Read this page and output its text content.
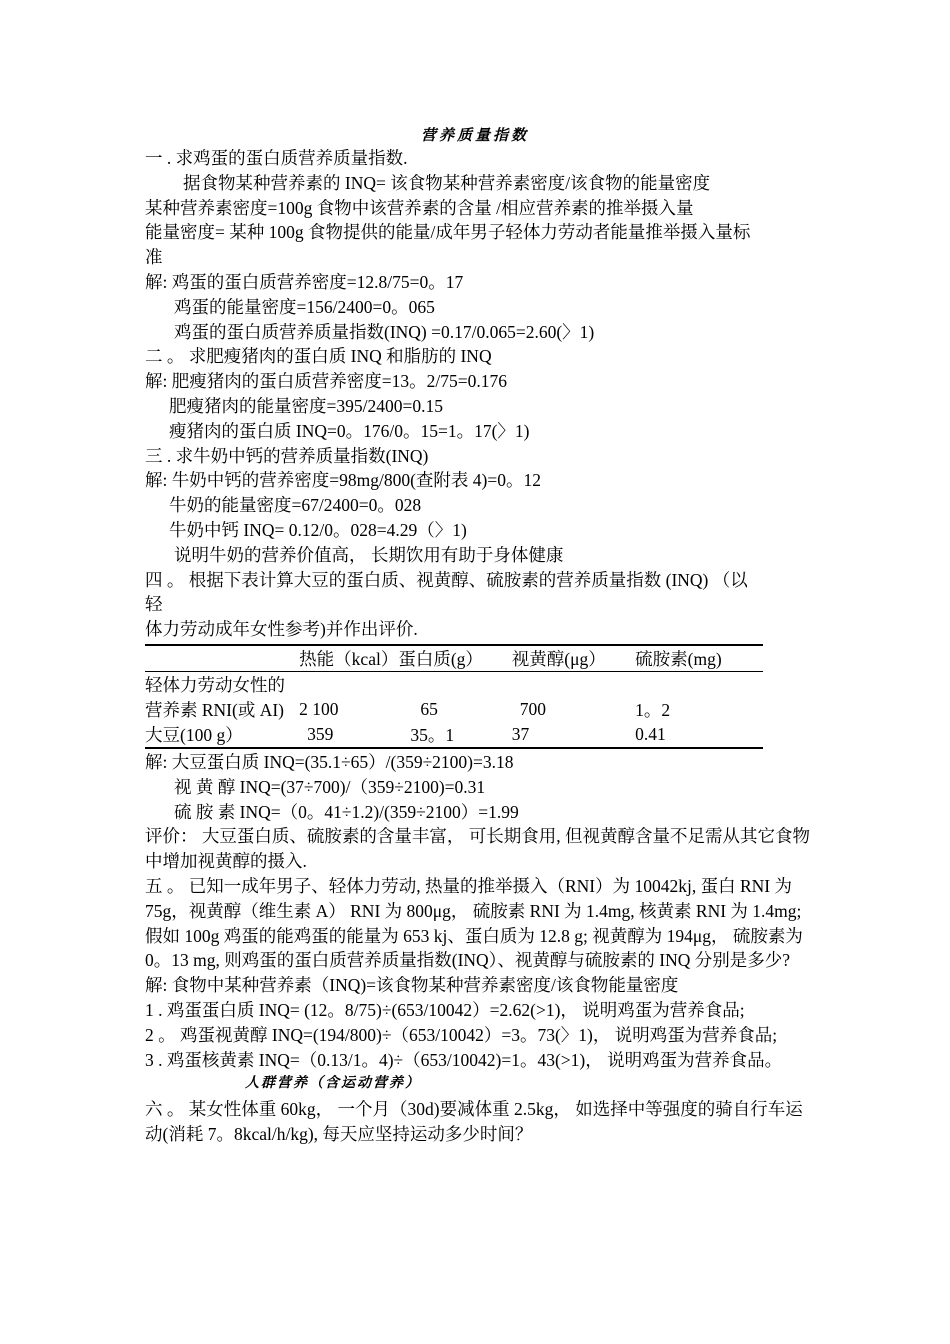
营养质量指数
一 . 求鸡蛋的蛋白质营养质量指数.
据食物某种营养素的 INQ= 该食物某种营养素密度/该食物的能量密度
某种营养素密度=100g 食物中该营养素的含量 /相应营养素的推举摄入量
能量密度= 某种 100g 食物提供的能量/成年男子轻体力劳动者能量推举摄入量标
准
解: 鸡蛋的蛋白质营养密度=12.8/75=0。17
鸡蛋的能量密度=156/2400=0。065
鸡蛋的蛋白质营养质量指数(INQ) =0.17/0.065=2.60(〉1)
二 。 求肥瘦猪肉的蛋白质 INQ 和脂肪的 INQ
解: 肥瘦猪肉的蛋白质营养密度=13。2/75=0.176
肥瘦猪肉的能量密度=395/2400=0.15
瘦猪肉的蛋白质 INQ=0。176/0。15=1。17(〉1)
三 . 求牛奶中钙的营养质量指数(INQ)
解: 牛奶中钙的营养密度=98mg/800(查附表 4)=0。12
牛奶的能量密度=67/2400=0。028
牛奶中钙 INQ= 0.12/0。028=4.29（〉1)
说明牛奶的营养价值高， 长期饮用有助于身体健康
四 。 根据下表计算大豆的蛋白质、视黄醇、硫胺素的营养质量指数 (INQ) （以
轻
体力劳动成年女性参考)并作出评价.
	热能（kcal）	蛋白质(g）	视黄醇(μg）	硫胺素(mg)
轻体力劳动女性的				
营养素 RNI(或 AI)	2 100	65	700	1。2
大豆(100 g）	359	35。1	37	0.41
解: 大豆蛋白质 INQ=(35.1÷65）/(359÷2100)=3.18
视 黄 醇 INQ=(37÷700)/（359÷2100)=0.31
硫 胺 素 INQ=（0。41÷1.2)/(359÷2100）=1.99
评价： 大豆蛋白质、硫胺素的含量丰富， 可长期食用, 但视黄醇含量不足需从其它食物中增加视黄醇的摄入.
五 。 已知一成年男子、轻体力劳动, 热量的推举摄入（RNI）为 10042kj, 蛋白 RNI 为 75g，视黄醇（维生素 A） RNI 为 800μg， 硫胺素 RNI 为 1.4mg, 核黄素 RNI 为 1.4mg; 假如 100g 鸡蛋的能鸡蛋的能量为 653 kj、蛋白质为 12.8 g; 视黄醇为 194μg， 硫胺素为 0。13 mg, 则鸡蛋的蛋白质营养质量指数(INQ）、视黄醇与硫胺素的 INQ 分别是多少?
解: 食物中某种营养素（INQ)=该食物某种营养素密度/该食物能量密度
1 . 鸡蛋蛋白质 INQ= (12。8/75)÷(653/10042）=2.62(>1)， 说明鸡蛋为营养食品;
2 。 鸡蛋视黄醇 INQ=(194/800)÷（653/10042）=3。73(〉1)， 说明鸡蛋为营养食品;
3 . 鸡蛋核黄素 INQ=（0.13/1。4)÷（653/10042)=1。43(>1)， 说明鸡蛋为营养食品。
人群营养（含运动营养）
六 。 某女性体重 60kg， 一个月（30d)要减体重 2.5kg， 如选择中等强度的骑自行车运动(消耗 7。8kcal/h/kg), 每天应坚持运动多少时间？
